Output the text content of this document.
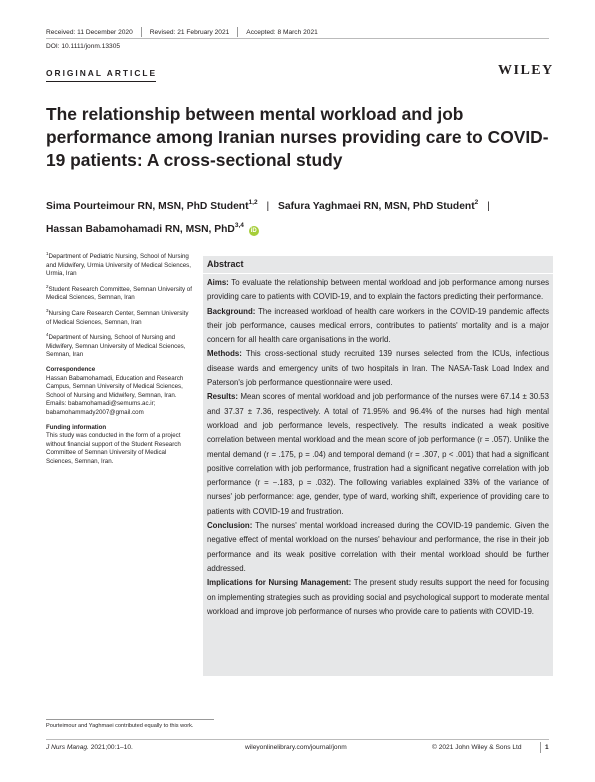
Received: 11 December 2020	Revised: 21 February 2021	Accepted: 8 March 2021
DOI: 10.1111/jonm.13305
ORIGINAL ARTICLE	WILEY
The relationship between mental workload and job performance among Iranian nurses providing care to COVID-19 patients: A cross-sectional study
Sima Pourteimour RN, MSN, PhD Student$^{1,2}$ | Safura Yaghmaei RN, MSN, PhD Student$^2$ |
Hassan Babamohamadi RN, MSN, PhD$^{3,4}$ iD
$^1$Department of Pediatric Nursing, School of Nursing and Midwifery, Urmia University of Medical Sciences, Urmia, Iran
$^2$Student Research Committee, Semnan University of Medical Sciences, Semnan, Iran
$^3$Nursing Care Research Center, Semnan University of Medical Sciences, Semnan, Iran
$^4$Department of Nursing, School of Nursing and Midwifery, Semnan University of Medical Sciences, Semnan, Iran
Correspondence
Hassan Babamohamadi, Education and Research Campus, Semnan University of Medical Sciences, School of Nursing and Midwifery, Semnan, Iran.
Emails: babamohamadi@semums.ac.ir; babamohammady2007@gmail.com
Funding information
This study was conducted in the form of a project without financial support of the Student Research Committee of Semnan University of Medical Sciences, Semnan, Iran.
Abstract

Aims: To evaluate the relationship between mental workload and job performance among nurses providing care to patients with COVID-19, and to explain the factors predicting their performance.

Background: The increased workload of health care workers in the COVID-19 pandemic affects their job performance, causes medical errors, contributes to patients' mortality and is a major concern for all health care organisations in the world.

Methods: This cross-sectional study recruited 139 nurses selected from the ICUs, infectious disease wards and emergency units of two hospitals in Iran. The NASA-Task Load Index and Paterson's job performance questionnaire were used.

Results: Mean scores of mental workload and job performance of the nurses were 67.14 ± 30.53 and 37.37 ± 7.36, respectively. A total of 71.95% and 96.4% of the nurses had high mental workload and job performance levels, respectively. The results indicated a weak positive correlation between mental workload and the mean score of job performance (r = .057). Unlike the mental demand (r = .175, p = .04) and temporal demand (r = .307, p < .001) that had a significant positive correlation with job performance, frustration had a significant negative correlation with job performance (r = −.183, p = .032). The following variables explained 33% of the variance of nurses' job performance: age, gender, type of ward, working shift, experience of providing care to patients with COVID-19 and frustration.

Conclusion: The nurses' mental workload increased during the COVID-19 pandemic. Given the negative effect of mental workload on the nurses' behaviour and performance, the rise in their job performance and its weak positive correlation with their mental workload should be further addressed.

Implications for Nursing Management: The present study results support the need for focusing on implementing strategies such as providing social and psychological support to moderate mental workload and improve job performance of nurses who provide care to patients with COVID-19.

Pourteimour and Yaghmaei contributed equally to this work.
J Nurs Manag. 2021;00:1–10.	wileyonlinelibrary.com/journal/jonm	© 2021 John Wiley & Sons Ltd	1
